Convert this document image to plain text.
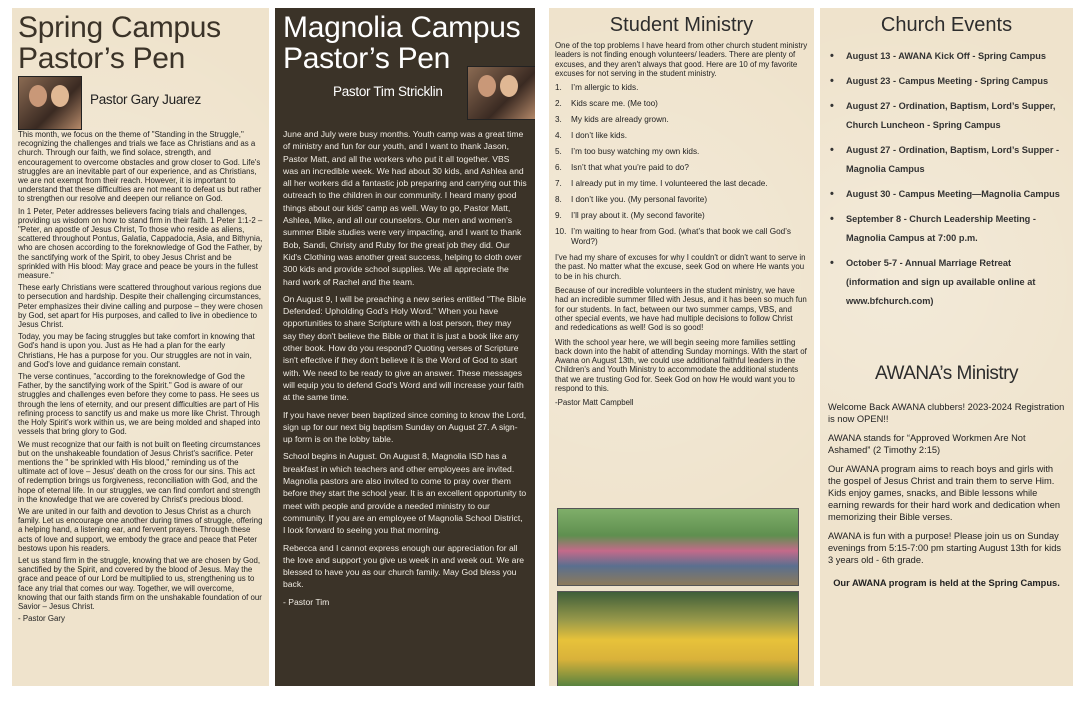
Spring Campus
Pastor’s Pen
Pastor Gary Juarez

This month, we focus on the theme of "Standing in the Struggle," recognizing the challenges and trials we face as Christians and as a church. Through our faith, we find solace, strength, and encouragement to overcome obstacles and grow closer to God. Life's struggles are an inevitable part of our experience, and as Christians, we are not exempt from their reach. However, it is important to understand that these difficulties are not meant to defeat us but rather to strengthen our resolve and deepen our reliance on God.

In 1 Peter, Peter addresses believers facing trials and challenges, providing us wisdom on how to stand firm in their faith. 1 Peter 1:1-2 – "Peter, an apostle of Jesus Christ, To those who reside as aliens, scattered throughout Pontus, Galatia, Cappadocia, Asia, and Bithynia, who are chosen according to the foreknowledge of God the Father, by the sanctifying work of the Spirit, to obey Jesus Christ and be sprinkled with His blood: May grace and peace be yours in the fullest measure."

These early Christians were scattered throughout various regions due to persecution and hardship. Despite their challenging circumstances, Peter emphasizes their divine calling and purpose – they were chosen by God, set apart for His purposes, and called to live in obedience to Jesus Christ.

Today, you may be facing struggles but take comfort in knowing that God's hand is upon you. Just as He had a plan for the early Christians, He has a purpose for you. Our struggles are not in vain, and God's love and guidance remain constant.

The verse continues, "according to the foreknowledge of God the Father, by the sanctifying work of the Spirit." God is aware of our struggles and challenges even before they come to pass. He sees us through the lens of eternity, and our present difficulties are part of His refining process to sanctify us and make us more like Christ. Through the Holy Spirit's work within us, we are being molded and shaped into vessels that bring glory to God.

We must recognize that our faith is not built on fleeting circumstances but on the unshakeable foundation of Jesus Christ's sacrifice. Peter mentions the " be sprinkled with His blood," reminding us of the ultimate act of love – Jesus' death on the cross for our sins. This act of redemption brings us forgiveness, reconciliation with God, and the hope of eternal life. In our struggles, we can find comfort and strength in the knowledge that we are covered by Christ's precious blood.

We are united in our faith and devotion to Jesus Christ as a church family. Let us encourage one another during times of struggle, offering a helping hand, a listening ear, and fervent prayers. Through these acts of love and support, we embody the grace and peace that Peter bestows upon his readers.

Let us stand firm in the struggle, knowing that we are chosen by God, sanctified by the Spirit, and covered by the blood of Jesus. May the grace and peace of our Lord be multiplied to us, strengthening us to face any trial that comes our way. Together, we will overcome, knowing that our faith stands firm on the unshakable foundation of our Savior – Jesus Christ.

- Pastor Gary

Magnolia Campus
Pastor’s Pen
Pastor Tim Stricklin

June and July were busy months. Youth camp was a great time of ministry and fun for our youth, and I want to thank Jason, Pastor Matt, and all the workers who put it all together. VBS was an incredible week. We had about 30 kids, and Ashlea and all her workers did a fantastic job preparing and carrying out this outreach to the children in our community. I heard many good things about our kids' camp as well. Way to go, Pastor Matt, Ashlea, Mike, and all our counselors. Our men and women's summer Bible studies were very impacting, and I want to thank Bob, Sandi, Christy and Ruby for the great job they did. Our Kid's Clothing was another great success, helping to cloth over 300 kids and provide school supplies. We all appreciate the hard work of Rachel and the team.

On August 9, I will be preaching a new series entitled “The Bible Defended: Upholding God’s Holy Word.” When you have opportunities to share Scripture with a lost person, they may say they don't believe the Bible or that it is just a book like any other book. How do you respond? Quoting verses of Scripture isn't effective if they don't believe it is the Word of God to start with. We need to be ready to give an answer. These messages will equip you to defend God's Word and will increase your faith at the same time.

If you have never been baptized since coming to know the Lord, sign up for our next big baptism Sunday on August 27. A sign-up form is on the lobby table.

School begins in August. On August 8, Magnolia ISD has a breakfast in which teachers and other employees are invited. Magnolia pastors are also invited to come to pray over them before they start the school year. It is an excellent opportunity to meet with people and provide a needed ministry to our community. If you are an employee of Magnolia School District, I look forward to seeing you that morning.

Rebecca and I cannot express enough our appreciation for all the love and support you give us week in and week out. We are blessed to have you as our church family. May God bless you back.

- Pastor Tim

Student Ministry

One of the top problems I have heard from other church student ministry leaders is not finding enough volunteers/ leaders. There are plenty of excuses, and they aren't always that good. Here are 10 of my favorite excuses for not serving in the student ministry.

1. I’m allergic to kids.
2. Kids scare me. (Me too)
3. My kids are already grown.
4. I don’t like kids.
5. I’m too busy watching my own kids.
6. Isn’t that what you’re paid to do?
7. I already put in my time. I volunteered the last decade.
8. I don’t like you. (My personal favorite)
9. I’ll pray about it. (My second favorite)
10. I’m waiting to hear from God. (what’s that book we call God’s Word?)

I've had my share of excuses for why I couldn't or didn't want to serve in the past. No matter what the excuse, seek God on where He wants you to be in his church.

Because of our incredible volunteers in the student ministry, we have had an incredible summer filled with Jesus, and it has been so much fun for our students. In fact, between our two summer camps, VBS, and other special events, we have had multiple decisions to follow Christ and rededications as well! God is so good!

With the school year here, we will begin seeing more families settling back down into the habit of attending Sunday mornings. With the start of Awana on August 13th, we could use additional faithful leaders in the Children's and Youth Ministry to accommodate the additional students that we are trusting God for. Seek God on how He would want you to respond to this.

-Pastor Matt Campbell

Church Events
• August 13 - AWANA Kick Off - Spring Campus
• August 23 - Campus Meeting - Spring Campus
• August 27 - Ordination, Baptism, Lord’s Supper, Church Luncheon - Spring Campus
• August 27 - Ordination, Baptism, Lord’s Supper - Magnolia Campus
• August 30 - Campus Meeting—Magnolia Campus
• September 8 - Church Leadership Meeting - Magnolia Campus at 7:00 p.m.
• October 5-7 - Annual Marriage Retreat (information and sign up available online at www.bfchurch.com)
AWANA’s Ministry

Welcome Back AWANA clubbers! 2023-2024 Registration is now OPEN!!

AWANA stands for “Approved Workmen Are Not Ashamed” (2 Timothy 2:15)

Our AWANA program aims to reach boys and girls with the gospel of Jesus Christ and train them to serve Him. Kids enjoy games, snacks, and Bible lessons while earning rewards for their hard work and dedication when memorizing their Bible verses.

AWANA is fun with a purpose! Please join us on Sunday evenings from 5:15-7:00 pm starting August 13th for kids 3 years old - 6th grade.

Our AWANA program is held at the Spring Campus.
